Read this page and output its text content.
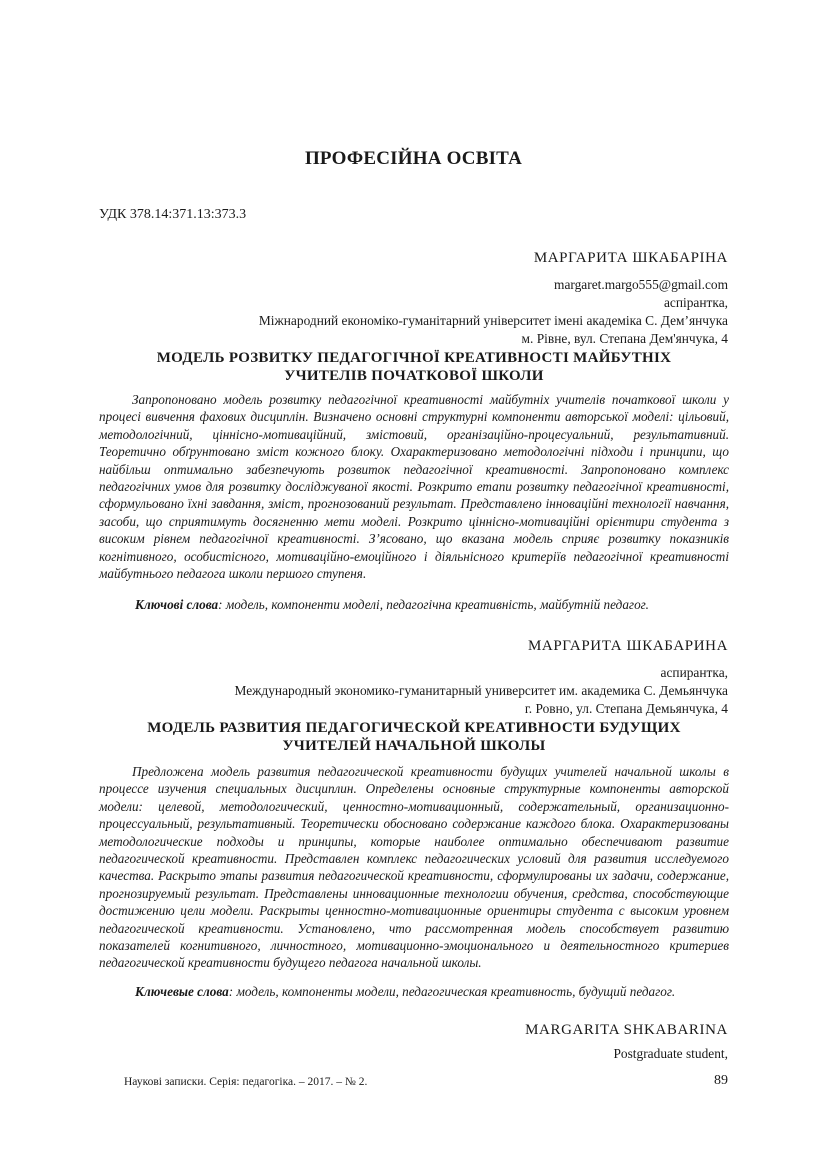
ПРОФЕСІЙНА ОСВІТА
УДК 378.14:371.13:373.3
МАРГАРИТА ШКАБАРІНА
margaret.margo555@gmail.com
аспірантка,
Міжнародний економіко-гуманітарний університет імені академіка С. Дем’янчука
м. Рівне, вул. Степана Дем'янчука, 4
МОДЕЛЬ РОЗВИТКУ ПЕДАГОГІЧНОЇ КРЕАТИВНОСТІ МАЙБУТНІХ
УЧИТЕЛІВ ПОЧАТКОВОЇ ШКОЛИ

Запропоновано модель розвитку педагогічної креативності майбутніх учителів початкової школи у процесі вивчення фахових дисциплін. Визначено основні структурні компоненти авторської моделі: цільовий, методологічний, ціннісно-мотиваційний, змістовий, організаційно-процесуальний, результативний. Теоретично обґрунтовано зміст кожного блоку. Охарактеризовано методологічні підходи і принципи, що найбільш оптимально забезпечують розвиток педагогічної креативності. Запропоновано комплекс педагогічних умов для розвитку досліджуваної якості. Розкрито етапи розвитку педагогічної креативності, сформульовано їхні завдання, зміст, прогнозований результат. Представлено інноваційні технології навчання, засоби, що сприятимуть досягненню мети моделі. Розкрито ціннісно-мотиваційні орієнтири студента з високим рівнем педагогічної креативності. З’ясовано, що вказана модель сприяє розвитку показників когнітивного, особистісного, мотиваційно-емоційного і діяльнісного критеріїв педагогічної креативності майбутнього педагога школи першого ступеня.

Ключові слова: модель, компоненти моделі, педагогічна креативність, майбутній педагог.

МАРГАРИТА ШКАБАРИНА
аспирантка,
Международный экономико-гуманитарный университет им. академика С. Демьянчука
г. Ровно, ул. Степана Демьянчука, 4
МОДЕЛЬ РАЗВИТИЯ ПЕДАГОГИЧЕСКОЙ КРЕАТИВНОСТИ БУДУЩИХ
УЧИТЕЛЕЙ НАЧАЛЬНОЙ ШКОЛЫ

Предложена модель развития педагогической креативности будущих учителей начальной школы в процессе изучения специальных дисциплин. Определены основные структурные компоненты авторской модели: целевой, методологический, ценностно-мотивационный, содержательный, организационно-процессуальный, результативный. Теоретически обосновано содержание каждого блока. Охарактеризованы методологические подходы и принципы, которые наиболее оптимально обеспечивают развитие педагогической креативности. Представлен комплекс педагогических условий для развития исследуемого качества. Раскрыто этапы развития педагогической креативности, сформулированы их задачи, содержание, прогнозируемый результат. Представлены инновационные технологии обучения, средства, способствующие достижению цели модели. Раскрыты ценностно-мотивационные ориентиры студента с высоким уровнем педагогической креативности. Установлено, что рассмотренная модель способствует развитию показателей когнитивного, личностного, мотивационно-эмоционального и деятельностного критериев педагогической креативности будущего педагога начальной школы.

Ключевые слова: модель, компоненты модели, педагогическая креативность, будущий педагог.

MARGARITA SHKABARINA
Postgraduate student,
Наукові записки. Серія: педагогіка. – 2017. – № 2.	89
